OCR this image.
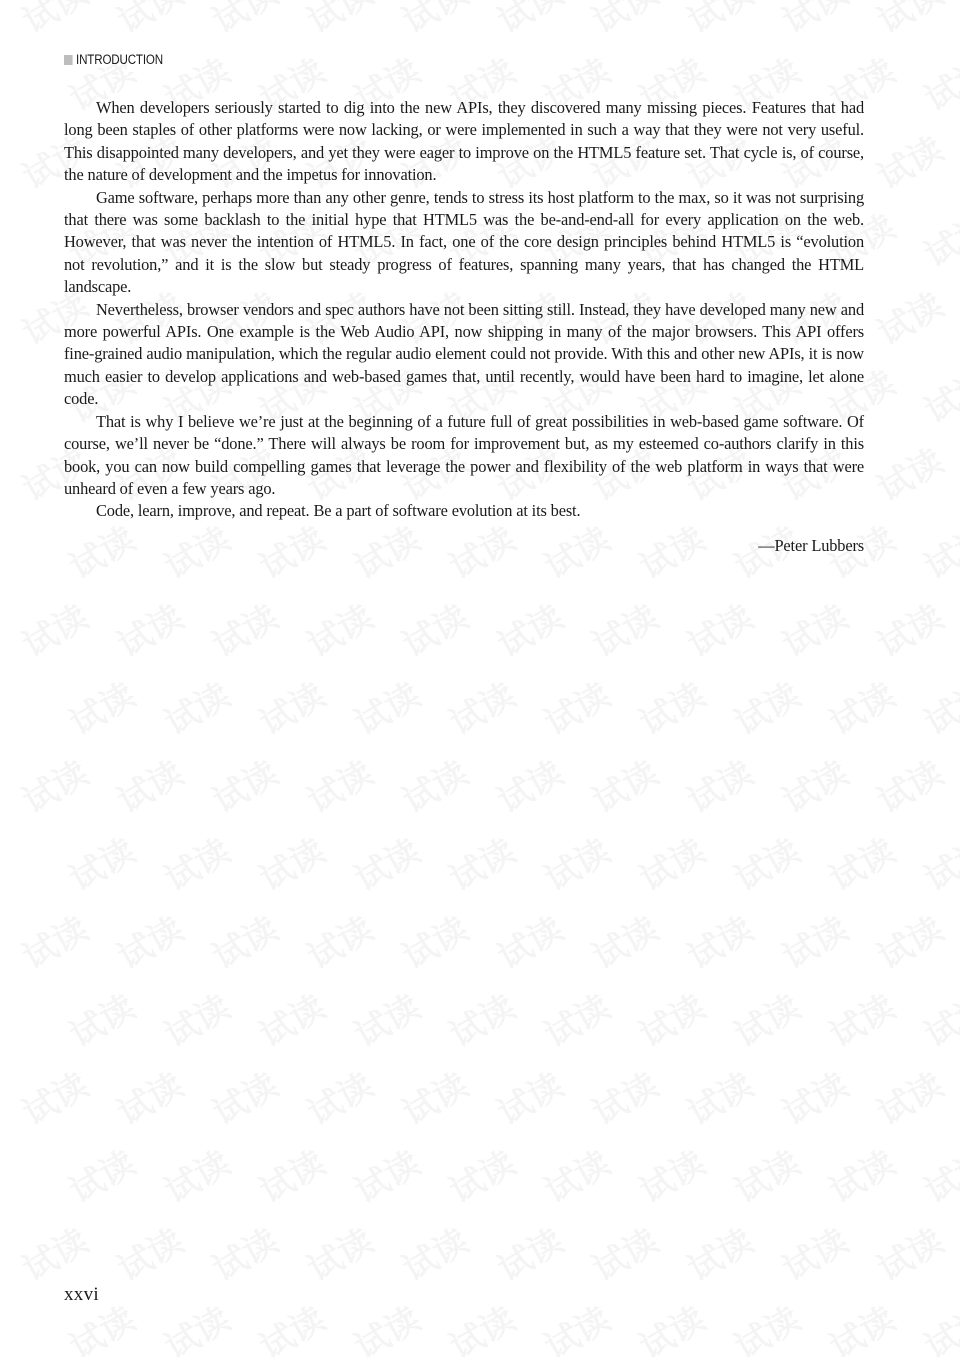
INTRODUCTION

When developers seriously started to dig into the new APIs, they discovered many missing pieces. Features that had long been staples of other platforms were now lacking, or were implemented in such a way that they were not very useful. This disappointed many developers, and yet they were eager to improve on the HTML5 feature set. That cycle is, of course, the nature of development and the impetus for innovation.

Game software, perhaps more than any other genre, tends to stress its host platform to the max, so it was not surprising that there was some backlash to the initial hype that HTML5 was the be-and-end-all for every application on the web. However, that was never the intention of HTML5. In fact, one of the core design principles behind HTML5 is “evolution not revolution,” and it is the slow but steady progress of features, spanning many years, that has changed the HTML landscape.

Nevertheless, browser vendors and spec authors have not been sitting still. Instead, they have developed many new and more powerful APIs. One example is the Web Audio API, now shipping in many of the major browsers. This API offers fine-grained audio manipulation, which the regular audio element could not provide. With this and other new APIs, it is now much easier to develop applications and web-based games that, until recently, would have been hard to imagine, let alone code.

That is why I believe we’re just at the beginning of a future full of great possibilities in web-based game software. Of course, we’ll never be “done.” There will always be room for improvement but, as my esteemed co-authors clarify in this book, you can now build compelling games that leverage the power and flexibility of the web platform in ways that were unheard of even a few years ago.

Code, learn, improve, and repeat. Be a part of software evolution at its best.

—Peter Lubbers
xxvi
